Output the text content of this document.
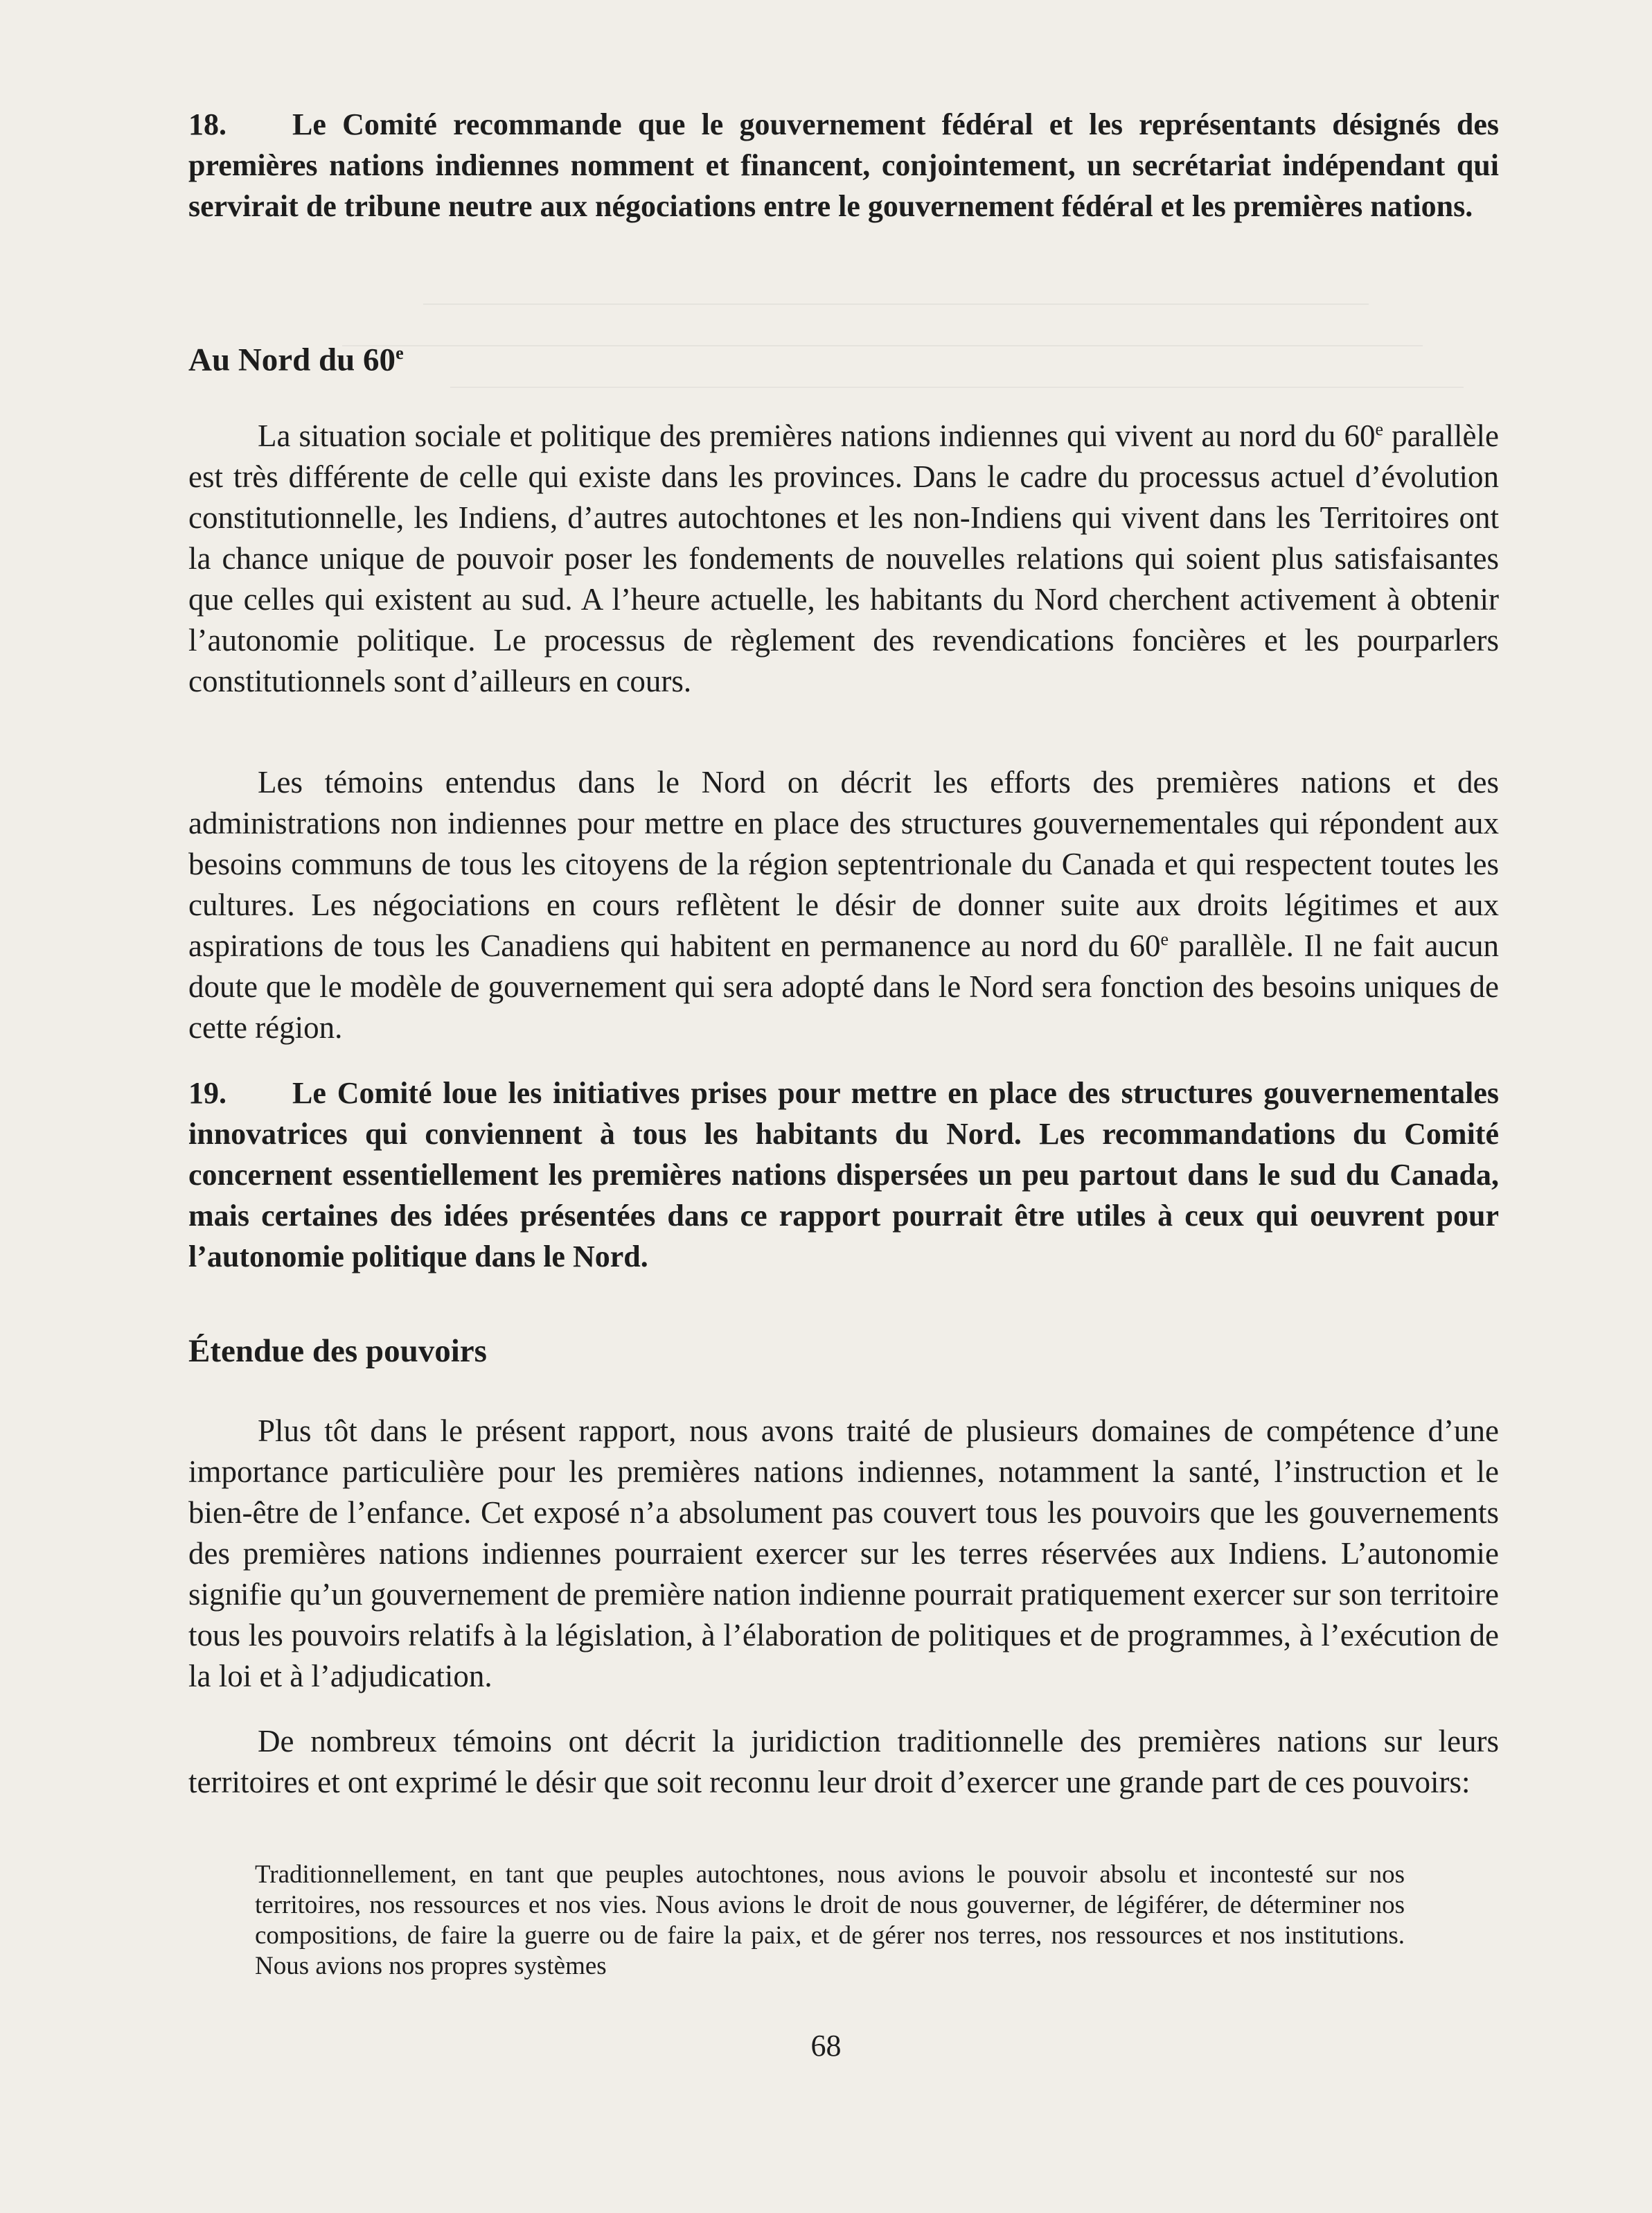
18. Le Comité recommande que le gouvernement fédéral et les représentants désignés des premières nations indiennes nomment et financent, conjointement, un secrétariat indépendant qui servirait de tribune neutre aux négociations entre le gouvernement fédéral et les premières nations.

Au Nord du 60e

La situation sociale et politique des premières nations indiennes qui vivent au nord du 60e parallèle est très différente de celle qui existe dans les provinces. Dans le cadre du processus actuel d’évolution constitutionnelle, les Indiens, d’autres autochtones et les non-Indiens qui vivent dans les Territoires ont la chance unique de pouvoir poser les fondements de nouvelles relations qui soient plus satisfaisantes que celles qui existent au sud. A l’heure actuelle, les habitants du Nord cherchent activement à obtenir l’autonomie politique. Le processus de règlement des revendications foncières et les pourparlers constitutionnels sont d’ailleurs en cours.

Les témoins entendus dans le Nord on décrit les efforts des premières nations et des administrations non indiennes pour mettre en place des structures gouvernementales qui répondent aux besoins communs de tous les citoyens de la région septentrionale du Canada et qui respectent toutes les cultures. Les négociations en cours reflètent le désir de donner suite aux droits légitimes et aux aspirations de tous les Canadiens qui habitent en permanence au nord du 60e parallèle. Il ne fait aucun doute que le modèle de gouvernement qui sera adopté dans le Nord sera fonction des besoins uniques de cette région.

19. Le Comité loue les initiatives prises pour mettre en place des structures gouvernementales innovatrices qui conviennent à tous les habitants du Nord. Les recommandations du Comité concernent essentiellement les premières nations dispersées un peu partout dans le sud du Canada, mais certaines des idées présentées dans ce rapport pourrait être utiles à ceux qui oeuvrent pour l’autonomie politique dans le Nord.

Étendue des pouvoirs

Plus tôt dans le présent rapport, nous avons traité de plusieurs domaines de compétence d’une importance particulière pour les premières nations indiennes, notamment la santé, l’instruction et le bien-être de l’enfance. Cet exposé n’a absolument pas couvert tous les pouvoirs que les gouvernements des premières nations indiennes pourraient exercer sur les terres réservées aux Indiens. L’autonomie signifie qu’un gouvernement de première nation indienne pourrait pratiquement exercer sur son territoire tous les pouvoirs relatifs à la législation, à l’élaboration de politiques et de programmes, à l’exécution de la loi et à l’adjudication.

De nombreux témoins ont décrit la juridiction traditionnelle des premières nations sur leurs territoires et ont exprimé le désir que soit reconnu leur droit d’exercer une grande part de ces pouvoirs:

Traditionnellement, en tant que peuples autochtones, nous avions le pouvoir absolu et incontesté sur nos territoires, nos ressources et nos vies. Nous avions le droit de nous gouverner, de légiférer, de déterminer nos compositions, de faire la guerre ou de faire la paix, et de gérer nos terres, nos ressources et nos institutions. Nous avions nos propres systèmes

68
